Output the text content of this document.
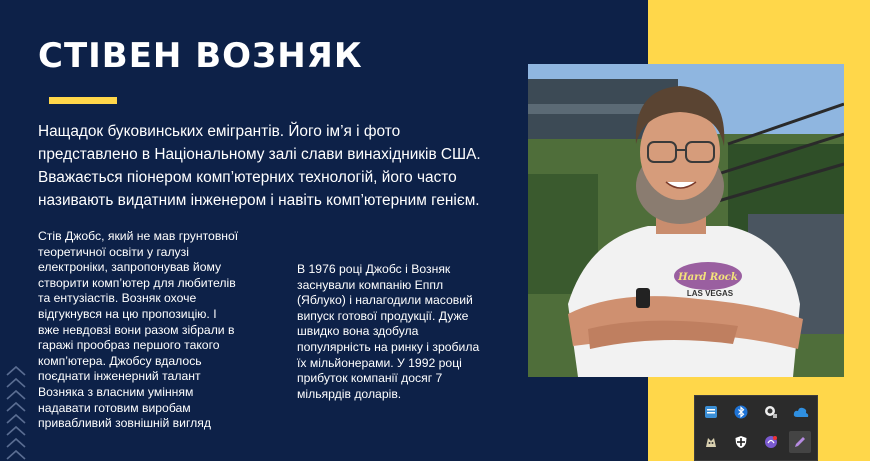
СТІВЕН ВОЗНЯК

Нащадок буковинських емігрантів. Його ім’я і фото
представлено в Національному залі слави винахідників США.
Вважається піонером комп’ютерних технологій, його часто
називають видатним інженером і навіть комп’ютерним генієм.

Стів Джобс, який не мав грунтовної
теоретичної освіти у галузі
електроніки, запропонував йому
створити комп’ютер для любителів
та ентузіастів. Возняк охоче
відгукнувся на цю пропозицію. І
вже невдовзі вони разом зібрали в
гаражі прообраз першого такого
комп’ютера. Джобсу вдалось
поєднати інженерний талант
Возняка з власним умінням
надавати готовим виробам
привабливий зовнішній вигляд

В 1976 році Джобс і Возняк
заснували компанію Еппл
(Яблуко) і налагодили масовий
випуск готової продукції. Дуже
швидко вона здобула
популярність на ринку і зробила
їх мільйонерами. У 1992 році
прибуток компанії досяг 7
мільярдів доларів.

Hard Rock
LAS VEGAS
